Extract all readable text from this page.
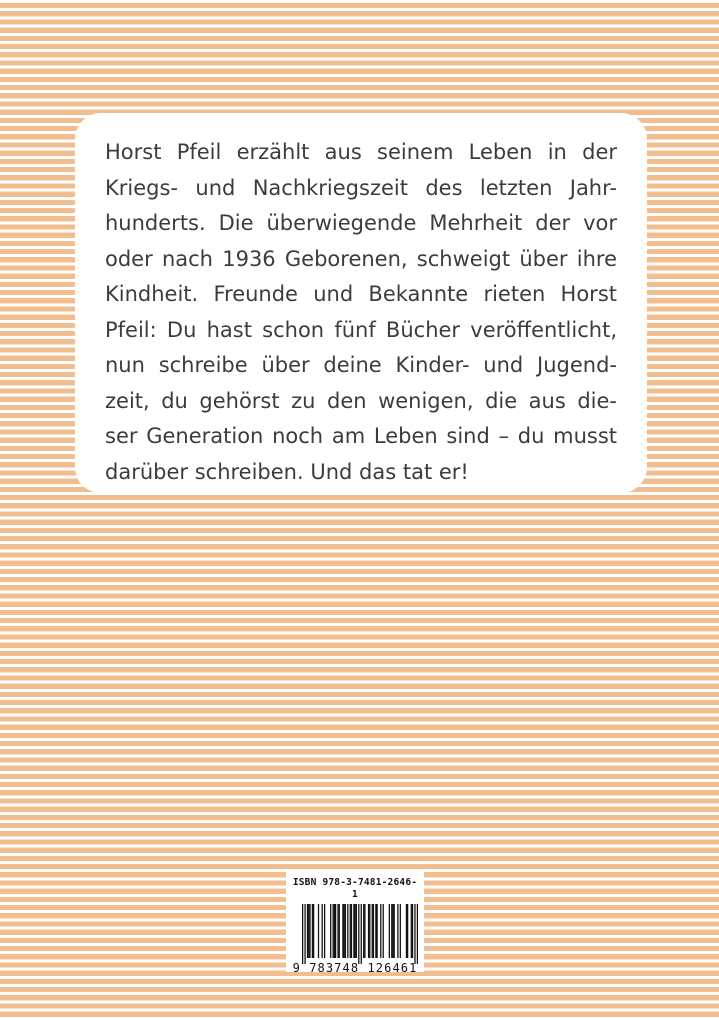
Horst Pfeil erzählt aus seinem Leben in der
Kriegs- und Nachkriegszeit des letzten Jahr-
hunderts. Die überwiegende Mehrheit der vor
oder nach 1936 Geborenen, schweigt über ihre
Kindheit. Freunde und Bekannte rieten Horst
Pfeil: Du hast schon fünf Bücher veröffentlicht,
nun schreibe über deine Kinder- und Jugend-
zeit, du gehörst zu den wenigen, die aus die-
ser Generation noch am Leben sind – du musst
darüber schreiben. Und das tat er!
ISBN 978-3-7481-2646-1
9 783748 126461
